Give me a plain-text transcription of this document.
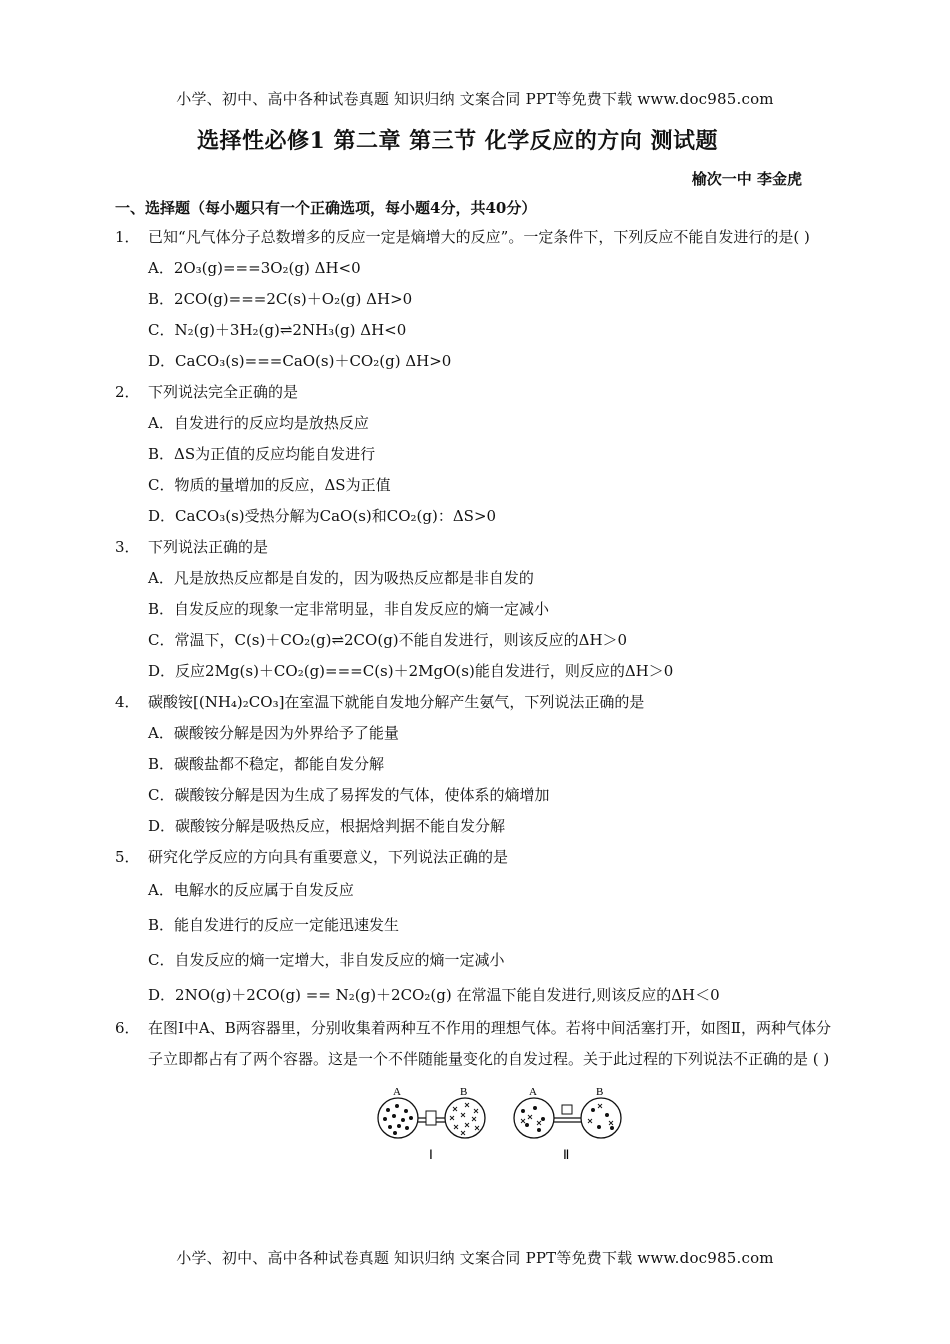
小学、初中、高中各种试卷真题 知识归纳 文案合同 PPT等免费下载 www.doc985.com
选择性必修1 第二章 第三节 化学反应的方向 测试题
榆次一中 李金虎
一、选择题（每小题只有一个正确选项，每小题4分，共40分）
1． 已知“凡气体分子总数增多的反应一定是熵增大的反应”。一定条件下，下列反应不能自发进行的是( )
A．2O₃(g)===3O₂(g) ΔH<0
B．2CO(g)===2C(s)＋O₂(g) ΔH>0
C．N₂(g)＋3H₂(g)⇌2NH₃(g) ΔH<0
D．CaCO₃(s)===CaO(s)＋CO₂(g) ΔH>0
2． 下列说法完全正确的是
A．自发进行的反应均是放热反应
B．ΔS为正值的反应均能自发进行
C．物质的量增加的反应，ΔS为正值
D．CaCO₃(s)受热分解为CaO(s)和CO₂(g)：ΔS>0
3． 下列说法正确的是
A．凡是放热反应都是自发的，因为吸热反应都是非自发的
B．自发反应的现象一定非常明显，非自发反应的熵一定减小
C．常温下，C(s)＋CO₂(g)⇌2CO(g)不能自发进行，则该反应的ΔH＞0
D．反应2Mg(s)＋CO₂(g)===C(s)＋2MgO(s)能自发进行，则反应的ΔH＞0
4． 碳酸铵[(NH₄)₂CO₃]在室温下就能自发地分解产生氨气，下列说法正确的是
A．碳酸铵分解是因为外界给予了能量
B．碳酸盐都不稳定，都能自发分解
C．碳酸铵分解是因为生成了易挥发的气体，使体系的熵增加
D．碳酸铵分解是吸热反应，根据焓判据不能自发分解
5． 研究化学反应的方向具有重要意义，下列说法正确的是
A．电解水的反应属于自发反应
B．能自发进行的反应一定能迅速发生
C．自发反应的熵一定增大，非自发反应的熵一定减小
D．2NO(g)＋2CO(g) == N₂(g)＋2CO₂(g) 在常温下能自发进行,则该反应的ΔH＜0
6． 在图Ⅰ中A、B两容器里，分别收集着两种互不作用的理想气体。若将中间活塞打开，如图Ⅱ，两种气体分子立即都占有了两个容器。这是一个不伴随能量变化的自发过程。关于此过程的下列说法不正确的是 ( )
A	B
Ⅰ
A	B
Ⅱ
小学、初中、高中各种试卷真题 知识归纳 文案合同 PPT等免费下载 www.doc985.com
